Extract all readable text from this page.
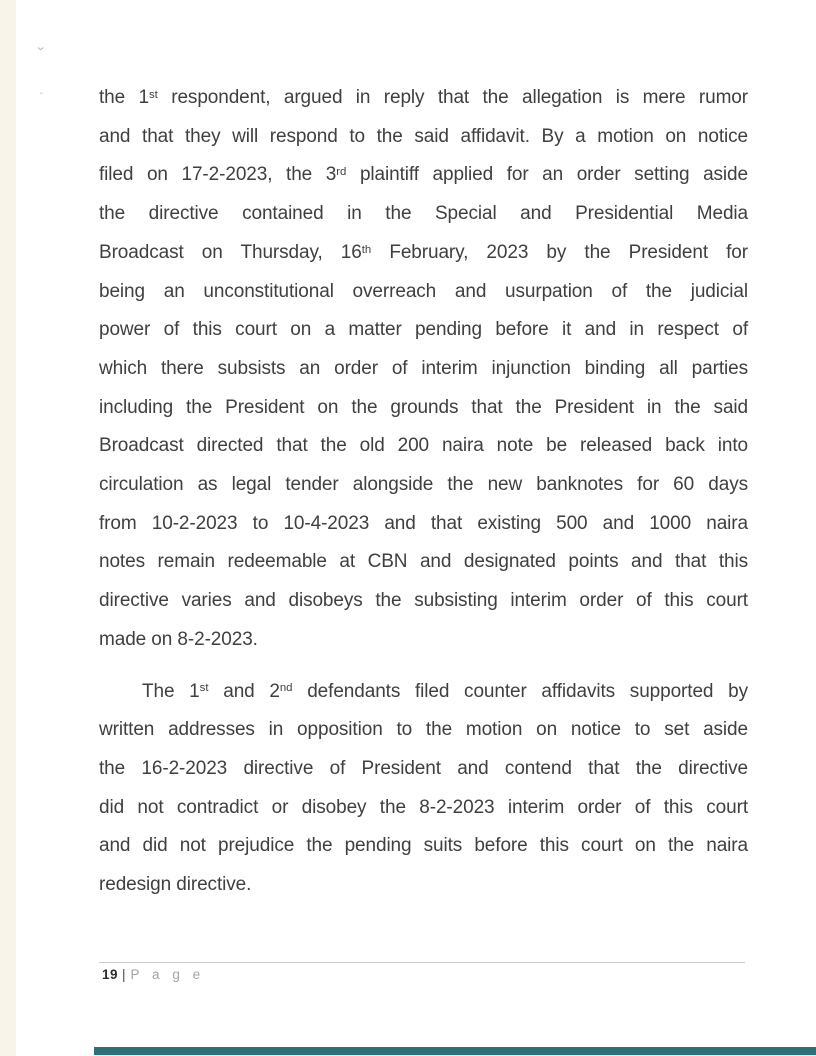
⌄
·	the 1st respondent, argued in reply that the allegation is mere rumor
and that they will respond to the said affidavit. By a motion on notice
filed on 17-2-2023, the 3rd plaintiff applied for an order setting aside
the directive contained in the Special and Presidential Media
Broadcast on Thursday, 16th February, 2023 by the President for
being an unconstitutional overreach and usurpation of the judicial
power of this court on a matter pending before it and in respect of
which there subsists an order of interim injunction binding all parties
including the President on the grounds that the President in the said
Broadcast directed that the old 200 naira note be released back into
circulation as legal tender alongside the new banknotes for 60 days
from 10-2-2023 to 10-4-2023 and that existing 500 and 1000 naira
notes remain redeemable at CBN and designated points and that this
directive varies and disobeys the subsisting interim order of this court
made on 8-2-2023.
The 1st and 2nd defendants filed counter affidavits supported by
written addresses in opposition to the motion on notice to set aside
the 16-2-2023 directive of President and contend that the directive
did not contradict or disobey the 8-2-2023 interim order of this court
and did not prejudice the pending suits before this court on the naira
redesign directive.
19 | P a g e
